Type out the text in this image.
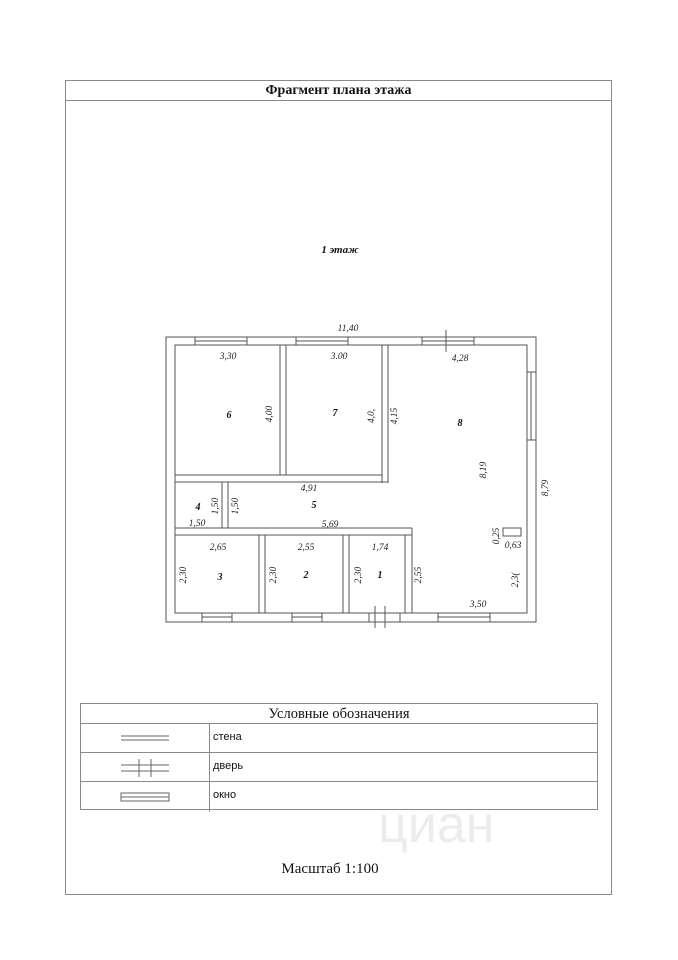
Фрагмент плана этажа
1 этаж
11,40
8,79
3,30
4,00
3.00
4,0,
4,28
4,15
8,19
4,91
1,50 1,50
1,50	5,69
0,25
0,63
2,65
2,30
2,55
2,30
1,74
2,30	2,55	2,3(
3,50
6	7
8
4	5
3	2	1
Условные обозначения
стена
дверь
окно
Масштаб 1:100
циан
